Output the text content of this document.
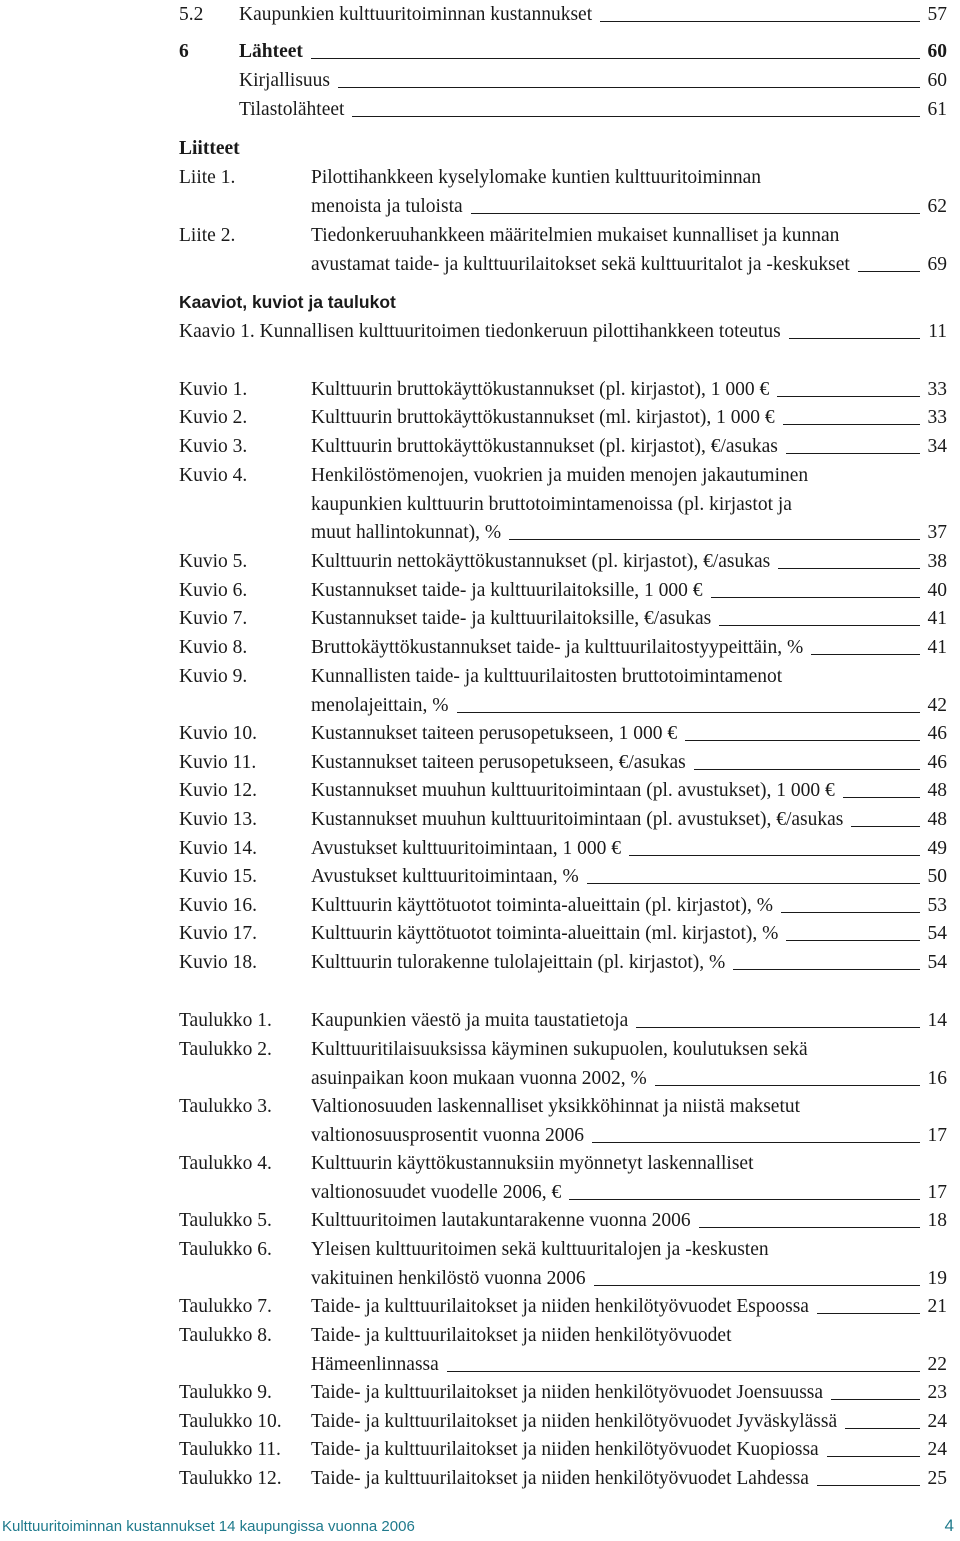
5.2 Kaupunkien kulttuuritoiminnan kustannukset	57
6	Lähteet	60
Kirjallisuus	60
Tilastolähteet	61
Liitteet
Liite 1.	Pilottihankkeen kyselylomake kuntien kulttuuritoiminnan
menoista ja tuloista	62
Liite 2.	Tiedonkeruuhankkeen määritelmien mukaiset kunnalliset ja kunnan
avustamat taide- ja kulttuurilaitokset sekä kulttuuritalot ja -keskukset	69
Kaaviot, kuviot ja taulukot
Kaavio 1. Kunnallisen kulttuuritoimen tiedonkeruun pilottihankkeen toteutus	11
Kuvio 1.	Kulttuurin bruttokäyttökustannukset (pl. kirjastot), 1 000 €	33
Kuvio 2.	Kulttuurin bruttokäyttökustannukset (ml. kirjastot), 1 000 €	33
Kuvio 3.	Kulttuurin bruttokäyttökustannukset (pl. kirjastot), €/asukas	34
Kuvio 4.	Henkilöstömenojen, vuokrien ja muiden menojen jakautuminen
kaupunkien kulttuurin bruttotoimintamenoissa (pl. kirjastot ja
muut hallintokunnat), %	37
Kuvio 5.	Kulttuurin nettokäyttökustannukset (pl. kirjastot), €/asukas	38
Kuvio 6.	Kustannukset taide- ja kulttuurilaitoksille, 1 000 €	40
Kuvio 7.	Kustannukset taide- ja kulttuurilaitoksille, €/asukas	41
Kuvio 8.	Bruttokäyttökustannukset taide- ja kulttuurilaitostyypeittäin, %	41
Kuvio 9.	Kunnallisten taide- ja kulttuurilaitosten bruttotoimintamenot
menolajeittain, %	42
Kuvio 10.	Kustannukset taiteen perusopetukseen, 1 000 €	46
Kuvio 11.	Kustannukset taiteen perusopetukseen, €/asukas	46
Kuvio 12.	Kustannukset muuhun kulttuuritoimintaan (pl. avustukset), 1 000 €	48
Kuvio 13.	Kustannukset muuhun kulttuuritoimintaan (pl. avustukset), €/asukas	48
Kuvio 14.	Avustukset kulttuuritoimintaan, 1 000 €	49
Kuvio 15.	Avustukset kulttuuritoimintaan, %	50
Kuvio 16.	Kulttuurin käyttötuotot toiminta-alueittain (pl. kirjastot), %	53
Kuvio 17.	Kulttuurin käyttötuotot toiminta-alueittain (ml. kirjastot), %	54
Kuvio 18.	Kulttuurin tulorakenne tulolajeittain (pl. kirjastot), %	54
Taulukko 1. Kaupunkien väestö ja muita taustatietoja	14
Taulukko 2. Kulttuuritilaisuuksissa käyminen sukupuolen, koulutuksen sekä
asuinpaikan koon mukaan vuonna 2002, %	16
Taulukko 3. Valtionosuuden laskennalliset yksikköhinnat ja niistä maksetut
valtionosuusprosentit vuonna 2006	17
Taulukko 4. Kulttuurin käyttökustannuksiin myönnetyt laskennalliset
valtionosuudet vuodelle 2006, €	17
Taulukko 5. Kulttuuritoimen lautakuntarakenne vuonna 2006	18
Taulukko 6. Yleisen kulttuuritoimen sekä kulttuuritalojen ja -keskusten
vakituinen henkilöstö vuonna 2006	19
Taulukko 7. Taide- ja kulttuurilaitokset ja niiden henkilötyövuodet Espoossa	21
Taulukko 8. Taide- ja kulttuurilaitokset ja niiden henkilötyövuodet
Hämeenlinnassa	22
Taulukko 9. Taide- ja kulttuurilaitokset ja niiden henkilötyövuodet Joensuussa	23
Taulukko 10. Taide- ja kulttuurilaitokset ja niiden henkilötyövuodet Jyväskylässä	24
Taulukko 11. Taide- ja kulttuurilaitokset ja niiden henkilötyövuodet Kuopiossa	24
Taulukko 12. Taide- ja kulttuurilaitokset ja niiden henkilötyövuodet Lahdessa	25
Kulttuuritoiminnan kustannukset 14 kaupungissa vuonna 2006	4
